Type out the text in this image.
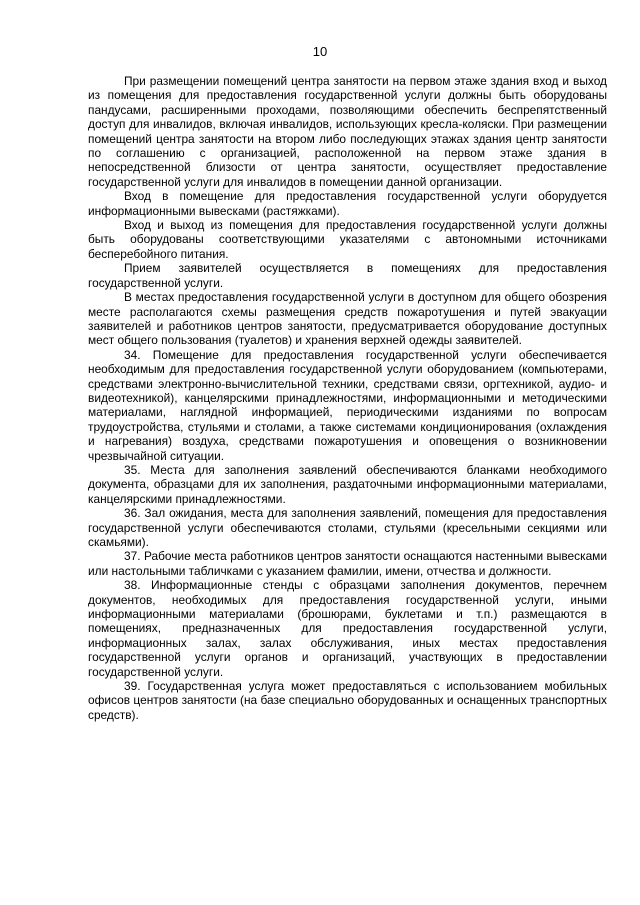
10

При размещении помещений центра занятости на первом этаже здания вход и выход из помещения для предоставления государственной услуги должны быть оборудованы пандусами, расширенными проходами, позволяющими обеспечить беспрепятственный доступ для инвалидов, включая инвалидов, использующих кресла-коляски. При размещении помещений центра занятости на втором либо последующих этажах здания центр занятости по соглашению с организацией, расположенной на первом этаже здания в непосредственной близости от центра занятости, осуществляет предоставление государственной услуги для инвалидов в помещении данной организации.

Вход в помещение для предоставления государственной услуги оборудуется информационными вывесками (растяжками).

Вход и выход из помещения для предоставления государственной услуги должны быть оборудованы соответствующими указателями с автономными источниками бесперебойного питания.

Прием заявителей осуществляется в помещениях для предоставления государственной услуги.

В местах предоставления государственной услуги в доступном для общего обозрения месте располагаются схемы размещения средств пожаротушения и путей эвакуации заявителей и работников центров занятости, предусматривается оборудование доступных мест общего пользования (туалетов) и хранения верхней одежды заявителей.

34. Помещение для предоставления государственной услуги обеспечивается необходимым для предоставления государственной услуги оборудованием (компьютерами, средствами электронно-вычислительной техники, средствами связи, оргтехникой, аудио- и видеотехникой), канцелярскими принадлежностями, информационными и методическими материалами, наглядной информацией, периодическими изданиями по вопросам трудоустройства, стульями и столами, а также системами кондиционирования (охлаждения и нагревания) воздуха, средствами пожаротушения и оповещения о возникновении чрезвычайной ситуации.

35. Места для заполнения заявлений обеспечиваются бланками необходимого документа, образцами для их заполнения, раздаточными информационными материалами, канцелярскими принадлежностями.

36. Зал ожидания, места для заполнения заявлений, помещения для предоставления государственной услуги обеспечиваются столами, стульями (кресельными секциями или скамьями).

37. Рабочие места работников центров занятости оснащаются настенными вывесками или настольными табличками с указанием фамилии, имени, отчества и должности.

38. Информационные стенды с образцами заполнения документов, перечнем документов, необходимых для предоставления государственной услуги, иными информационными материалами (брошюрами, буклетами и т.п.) размещаются в помещениях, предназначенных для предоставления государственной услуги, информационных залах, залах обслуживания, иных местах предоставления государственной услуги органов и организаций, участвующих в предоставлении государственной услуги.

39. Государственная услуга может предоставляться с использованием мобильных офисов центров занятости (на базе специально оборудованных и оснащенных транспортных средств).
